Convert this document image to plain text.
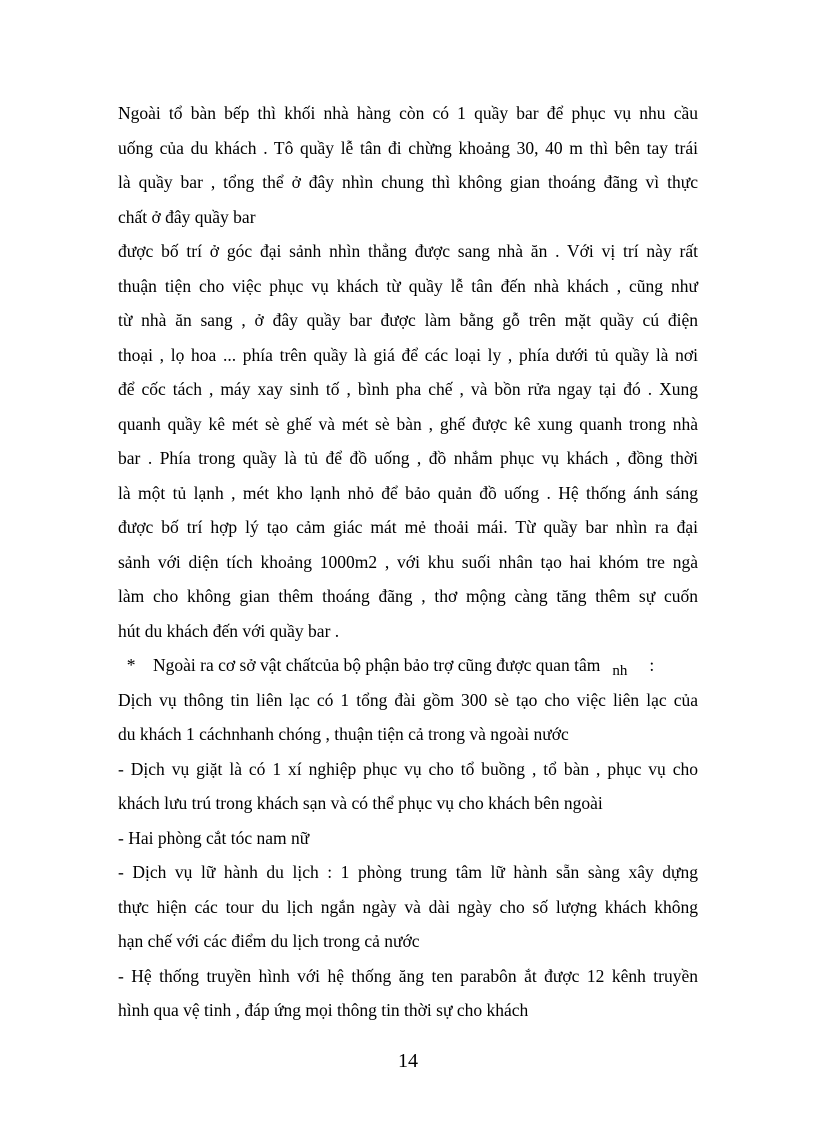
Ngoài tổ bàn bếp thì khối nhà hàng còn có 1 quầy bar để phục vụ nhu cầu
uống của du khách . Tô quầy lễ tân đi chừng khoảng 30, 40 m thì bên tay trái
là quầy bar , tổng thể ở đây nhìn chung thì không gian thoáng đãng vì thực
chất ở đây quầy bar
được bố trí ở góc đại sảnh nhìn thẳng được sang nhà ăn . Với vị trí này rất
thuận tiện cho việc phục vụ khách từ quầy lễ tân đến nhà khách , cũng như
từ nhà ăn sang , ở đây quầy bar được làm bằng gỗ trên mặt quầy cú điện
thoại , lọ hoa ... phía trên quầy là giá để các loại ly , phía dưới tủ quầy là nơi
để cốc tách , máy xay sinh tố , bình pha chế , và bồn rửa ngay tại đó . Xung
quanh quầy kê mét sè ghế và mét sè bàn , ghế được kê xung quanh trong nhà
bar . Phía trong quầy là tủ để đồ uống , đồ nhắm phục vụ khách , đồng thời
là một tủ lạnh , mét kho lạnh nhỏ để bảo quản đồ uống . Hệ thống ánh sáng
được bố trí hợp lý tạo cảm giác mát mẻ thoải mái. Từ quầy bar nhìn ra đại
sảnh với diện tích khoảng 1000m2 , với khu suối nhân tạo hai khóm tre ngà
làm cho không gian thêm thoáng đãng , thơ mộng càng tăng thêm sự cuốn
hút du khách đến với quầy bar .
*    Ngoài ra cơ sở vật chấtcủa bộ phận bảo trợ cũng được quan tâm nh :
Dịch vụ thông tin liên lạc có 1 tổng đài gồm 300 sè tạo cho việc liên lạc của
du khách 1 cáchnhanh chóng , thuận tiện cả trong và ngoài nước
- Dịch vụ giặt là có 1 xí nghiệp phục vụ cho tổ buồng , tổ bàn , phục vụ cho
khách lưu trú trong khách sạn và có thể phục vụ cho khách bên ngoài
- Hai phòng cắt tóc nam nữ
- Dịch vụ lữ hành du lịch : 1 phòng trung tâm lữ hành sẵn sàng xây dựng
thực hiện các tour du lịch ngắn ngày và dài ngày cho số lượng khách không
hạn chế với các điểm du lịch trong cả nước
- Hệ thống truyền hình với hệ thống ăng ten parabôn ắt được 12 kênh truyền
hình qua vệ tinh , đáp ứng mọi thông tin thời sự cho khách
14
